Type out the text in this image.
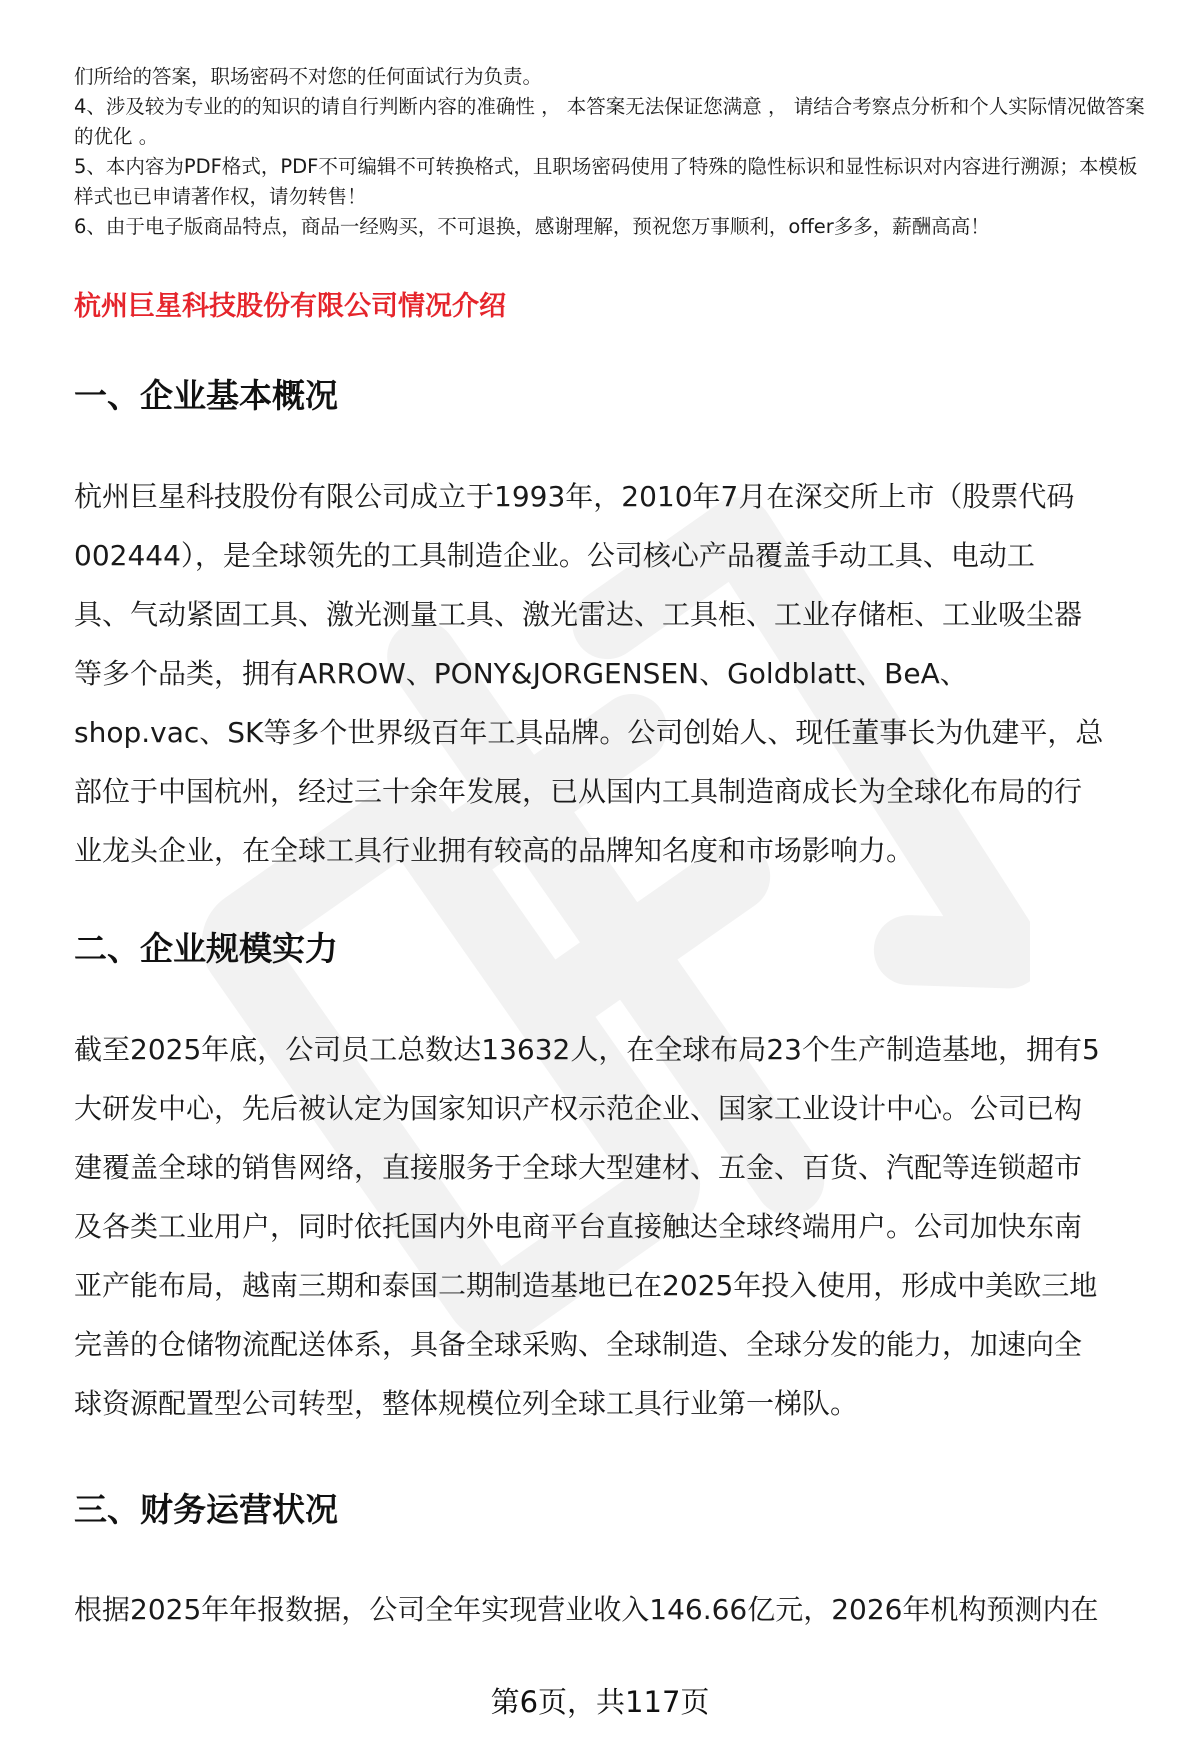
们所给的答案，职场密码不对您的任何面试行为负责。

4、涉及较为专业的的知识的请自行判断内容的准确性 ， 本答案无法保证您满意 ， 请结合考察点分析和个人实际情况做答案的优化 。

5、本内容为PDF格式，PDF不可编辑不可转换格式，且职场密码使用了特殊的隐性标识和显性标识对内容进行溯源；本模板样式也已申请著作权，请勿转售！

6、由于电子版商品特点，商品一经购买，不可退换，感谢理解，预祝您万事顺利，offer多多，薪酬高高！

杭州巨星科技股份有限公司情况介绍
一、企业基本概况
杭州巨星科技股份有限公司成立于1993年，2010年7月在深交所上市（股票代码
002444），是全球领先的工具制造企业。公司核心产品覆盖手动工具、电动工
具、气动紧固工具、激光测量工具、激光雷达、工具柜、工业存储柜、工业吸尘器
等多个品类，拥有ARROW、PONY&JORGENSEN、Goldblatt、BeA、
shop.vac、SK等多个世界级百年工具品牌。公司创始人、现任董事长为仇建平，总
部位于中国杭州，经过三十余年发展，已从国内工具制造商成长为全球化布局的行
业龙头企业，在全球工具行业拥有较高的品牌知名度和市场影响力。
二、企业规模实力
截至2025年底，公司员工总数达13632人，在全球布局23个生产制造基地，拥有5
大研发中心，先后被认定为国家知识产权示范企业、国家工业设计中心。公司已构
建覆盖全球的销售网络，直接服务于全球大型建材、五金、百货、汽配等连锁超市
及各类工业用户，同时依托国内外电商平台直接触达全球终端用户。公司加快东南
亚产能布局，越南三期和泰国二期制造基地已在2025年投入使用，形成中美欧三地
完善的仓储物流配送体系，具备全球采购、全球制造、全球分发的能力，加速向全
球资源配置型公司转型，整体规模位列全球工具行业第一梯队。
三、财务运营状况
根据2025年年报数据，公司全年实现营业收入146.66亿元，2026年机构预测内在

第6页，共117页
